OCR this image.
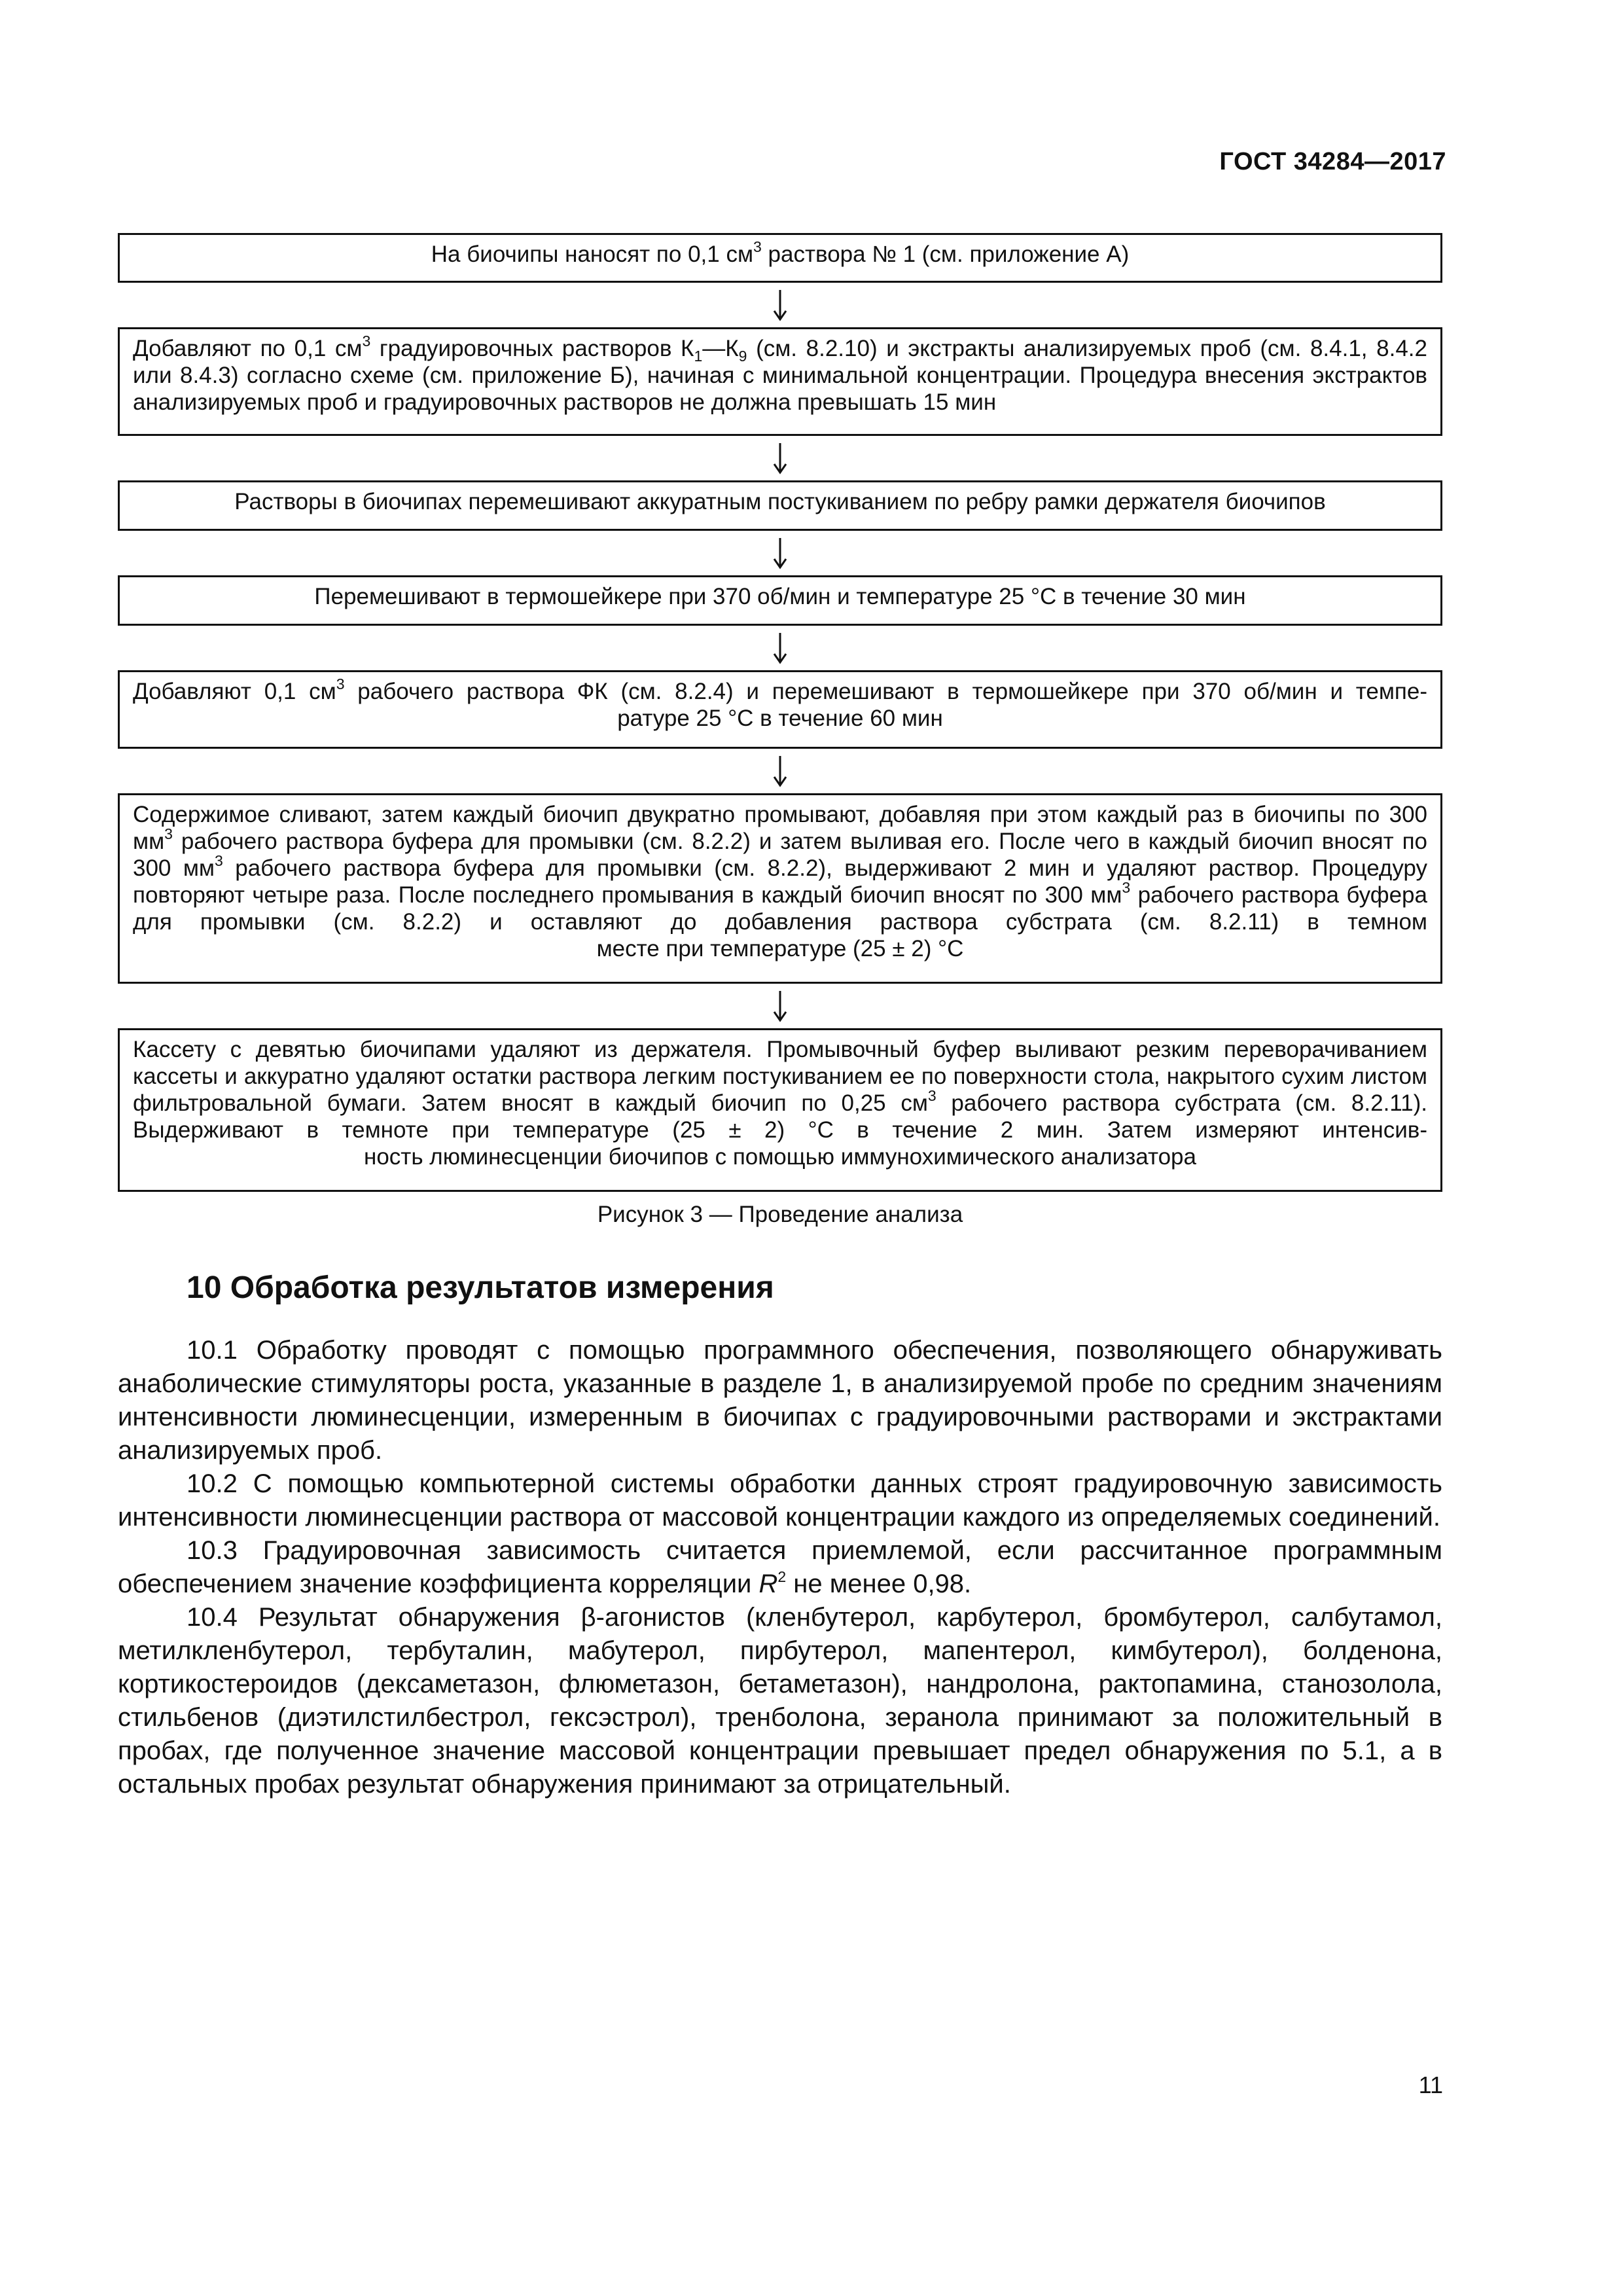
ГОСТ 34284—2017
На биочипы наносят по 0,1 $см^3$ раствора № 1 (см. приложение А)
Добавляют по 0,1 $см^3$ градуировочных растворов $К_1—К_9$ (см. 8.2.10) и экстракты анализируемых проб (см. 8.4.1, 8.4.2 или 8.4.3) согласно схеме (см. приложение Б), начиная с минимальной концентрации. Процедура внесения экстрактов анализируемых проб и градуировочных растворов не должна превышать 15 мин
Растворы в биочипах перемешивают аккуратным постукиванием по ребру рамки держателя биочипов
Перемешивают в термошейкере при 370 об/мин и температуре 25 °С в течение 30 мин
Добавляют 0,1 $см^3$ рабочего раствора ФК (см. 8.2.4) и перемешивают в термошейкере при 370 об/мин и темпе-
ратуре 25 °С в течение 60 мин
Содержимое сливают, затем каждый биочип двукратно промывают, добавляя при этом каждый раз в биочипы по 300 $мм^3$ рабочего раствора буфера для промывки (см. 8.2.2) и затем выливая его. После чего в каждый биочип вносят по 300 $мм^3$ рабочего раствора буфера для промывки (см. 8.2.2), выдерживают 2 мин и удаляют раствор. Процедуру повторяют четыре раза. После последнего промывания в каждый биочип вносят по 300 $мм^3$ рабочего раствора буфера для промывки (см. 8.2.2) и оставляют до добавления раствора субстрата (см. 8.2.11) в темном
месте при температуре (25 ± 2) °С
Кассету с девятью биочипами удаляют из держателя. Промывочный буфер выливают резким переворачиванием кассеты и аккуратно удаляют остатки раствора легким постукиванием ее по поверхности стола, накрытого сухим листом фильтровальной бумаги. Затем вносят в каждый биочип по 0,25 $см^3$ рабочего раствора субстрата (см. 8.2.11). Выдерживают в темноте при температуре (25 ± 2) °С в течение 2 мин. Затем измеряют интенсив-
ность люминесценции биочипов с помощью иммунохимического анализатора
Рисунок 3 — Проведение анализа
10 Обработка результатов измерения

10.1 Обработку проводят с помощью программного обеспечения, позволяющего обнаруживать анаболические стимуляторы роста, указанные в разделе 1, в анализируемой пробе по средним значениям интенсивности люминесценции, измеренным в биочипах с градуировочными растворами и экстрактами анализируемых проб.

10.2 С помощью компьютерной системы обработки данных строят градуировочную зависимость интенсивности люминесценции раствора от массовой концентрации каждого из определяемых соединений.

10.3 Градуировочная зависимость считается приемлемой, если рассчитанное программным обеспечением значение коэффициента корреляции $R^2$ не менее 0,98.

10.4 Результат обнаружения β-агонистов (кленбутерол, карбутерол, бромбутерол, салбутамол, метилкленбутерол, тербуталин, мабутерол, пирбутерол, мапентерол, кимбутерол), болденона, кортикостероидов (дексаметазон, флюметазон, бетаметазон), нандролона, рактопамина, станозолола, стильбенов (диэтилстилбестрол, гексэстрол), тренболона, зеранола принимают за положительный в пробах, где полученное значение массовой концентрации превышает предел обнаружения по 5.1, а в остальных пробах результат обнаружения принимают за отрицательный.

11
